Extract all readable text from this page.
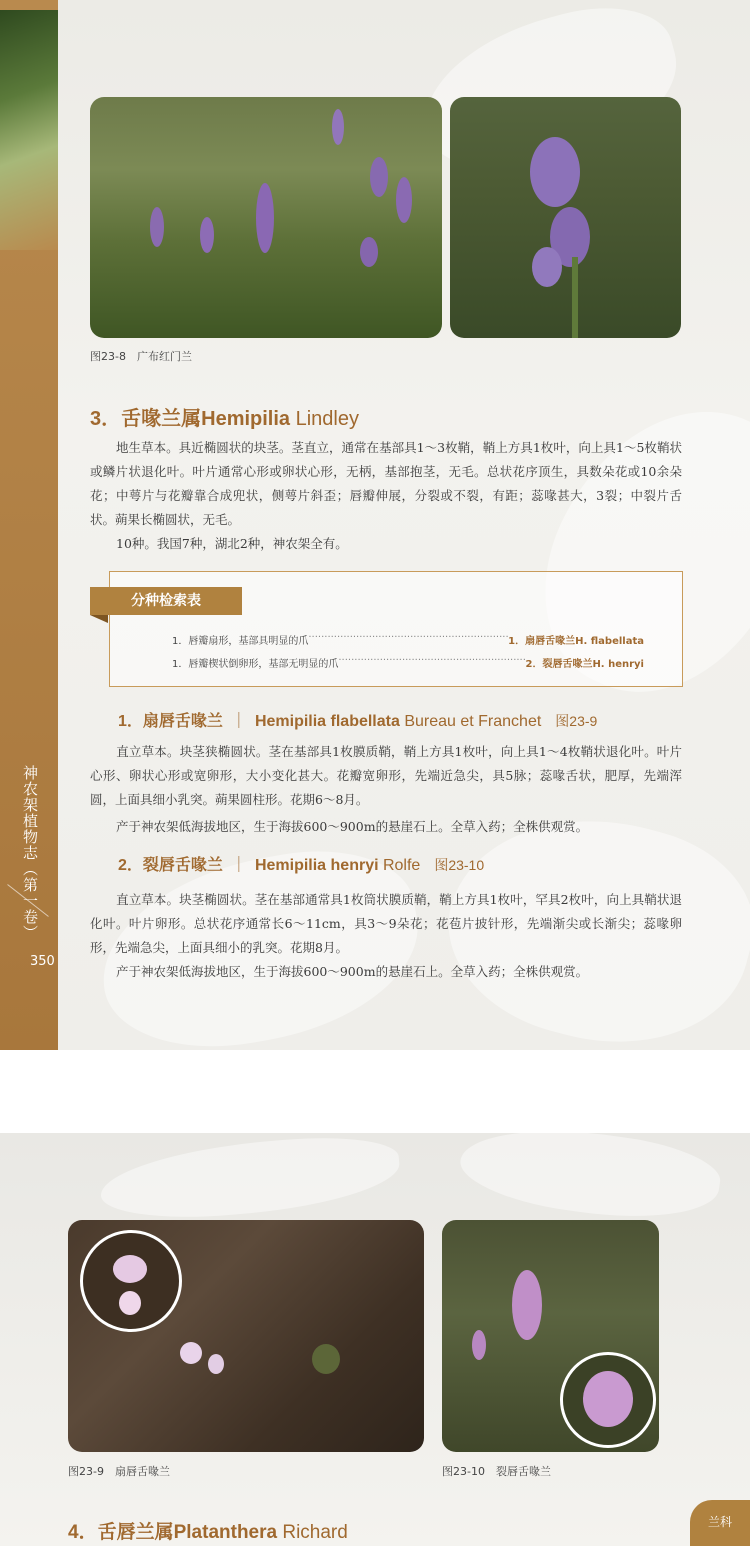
神农架植物志（第一卷）
350
图23-8　广布红门兰
3．舌喙兰属Hemipilia Lindley
地生草本。具近椭圆状的块茎。茎直立，通常在基部具1～3枚鞘，鞘上方具1枚叶，向上具1～5枚鞘状或鳞片状退化叶。叶片通常心形或卵状心形，无柄，基部抱茎，无毛。总状花序顶生，具数朵花或10余朵花；中萼片与花瓣靠合成兜状，侧萼片斜歪；唇瓣伸展，分裂或不裂，有距；蕊喙甚大，3裂；中裂片舌状。蒴果长椭圆状，无毛。
10种。我国7种，湖北2种，神农架全有。
分种检索表
1．唇瓣扇形，基部具明显的爪 ·····	1．扇唇舌喙兰H. flabellata
1．唇瓣楔状倒卵形，基部无明显的爪 ·····	2．裂唇舌喙兰H. henryi
1．扇唇舌喙兰 ｜ Hemipilia flabellata Bureau et Franchet 图23-9
直立草本。块茎狭椭圆状。茎在基部具1枚膜质鞘，鞘上方具1枚叶，向上具1～4枚鞘状退化叶。叶片心形、卵状心形或宽卵形，大小变化甚大。花瓣宽卵形，先端近急尖，具5脉；蕊喙舌状，肥厚，先端浑圆，上面具细小乳突。蒴果圆柱形。花期6～8月。
产于神农架低海拔地区，生于海拔600～900m的悬崖石上。全草入药；全株供观赏。
2．裂唇舌喙兰 ｜ Hemipilia henryi Rolfe 图23-10
直立草本。块茎椭圆状。茎在基部通常具1枚筒状膜质鞘，鞘上方具1枚叶，罕具2枚叶，向上具鞘状退化叶。叶片卵形。总状花序通常长6～11cm，具3～9朵花；花苞片披针形，先端渐尖或长渐尖；蕊喙卵形，先端急尖，上面具细小的乳突。花期8月。
产于神农架低海拔地区，生于海拔600～900m的悬崖石上。全草入药；全株供观赏。
图23-9　扇唇舌喙兰	图23-10　裂唇舌喙兰
4．舌唇兰属Platanthera Richard	兰科
